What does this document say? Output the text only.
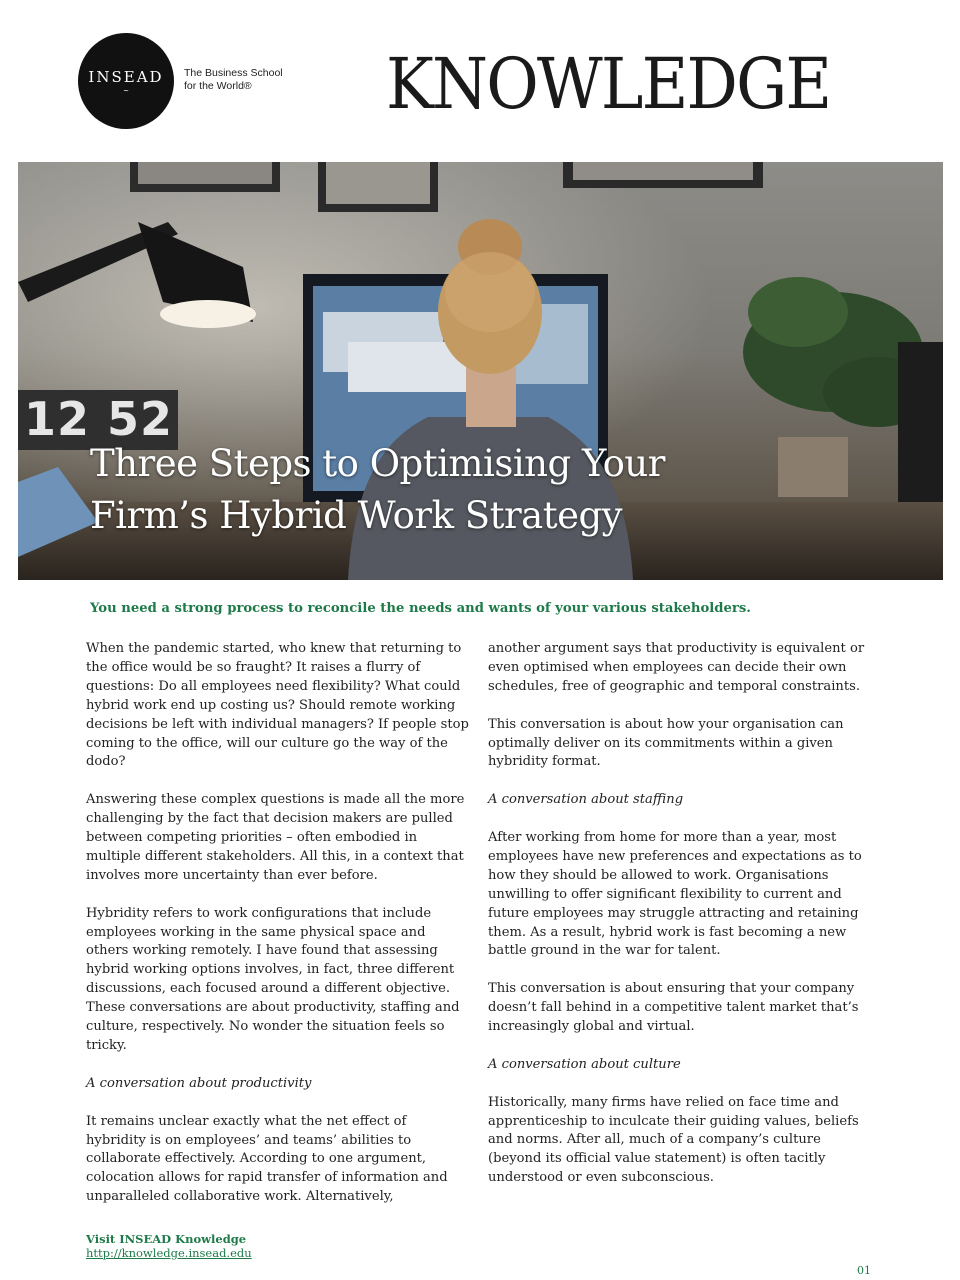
INSEAD
~
The Business School
for the World®	KNOWLEDGE
12 52
Three Steps to Optimising Your
Firm’s Hybrid Work Strategy
You need a strong process to reconcile the needs and wants of your various stakeholders.

When the pandemic started, who knew that returning to the office would be so fraught? It raises a flurry of questions: Do all employees need flexibility? What could hybrid work end up costing us? Should remote working decisions be left with individual managers? If people stop coming to the office, will our culture go the way of the dodo?

Answering these complex questions is made all the more challenging by the fact that decision makers are pulled between competing priorities – often embodied in multiple different stakeholders. All this, in a context that involves more uncertainty than ever before.

Hybridity refers to work configurations that include employees working in the same physical space and others working remotely. I have found that assessing hybrid working options involves, in fact, three different discussions, each focused around a different objective. These conversations are about productivity, staffing and culture, respectively. No wonder the situation feels so tricky.

A conversation about productivity

It remains unclear exactly what the net effect of hybridity is on employees’ and teams’ abilities to collaborate effectively. According to one argument, colocation allows for rapid transfer of information and unparalleled collaborative work. Alternatively,

another argument says that productivity is equivalent or even optimised when employees can decide their own schedules, free of geographic and temporal constraints.

This conversation is about how your organisation can optimally deliver on its commitments within a given hybridity format.

A conversation about staffing

After working from home for more than a year, most employees have new preferences and expectations as to how they should be allowed to work. Organisations unwilling to offer significant flexibility to current and future employees may struggle attracting and retaining them. As a result, hybrid work is fast becoming a new battle ground in the war for talent.

This conversation is about ensuring that your company doesn’t fall behind in a competitive talent market that’s increasingly global and virtual.

A conversation about culture

Historically, many firms have relied on face time and apprenticeship to inculcate their guiding values, beliefs and norms. After all, much of a company’s culture (beyond its official value statement) is often tacitly understood or even subconscious.

Visit INSEAD Knowledge
http://knowledge.insead.edu
01
